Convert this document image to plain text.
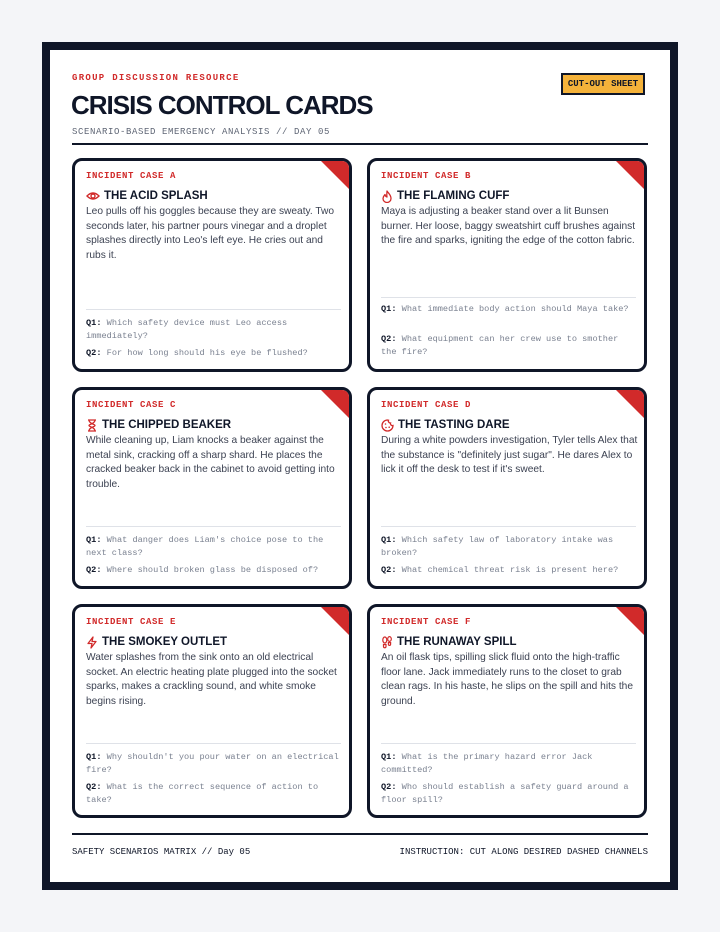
GROUP DISCUSSION RESOURCE
CRISIS CONTROL CARDS
SCENARIO-BASED EMERGENCY ANALYSIS // DAY 05
CUT-OUT SHEET
INCIDENT CASE A
THE ACID SPLASH
Leo pulls off his goggles because they are sweaty. Two seconds later, his partner pours vinegar and a droplet splashes directly into Leo's left eye. He cries out and rubs it.
Q1: Which safety device must Leo access immediately?
Q2: For how long should his eye be flushed?
INCIDENT CASE B
THE FLAMING CUFF
Maya is adjusting a beaker stand over a lit Bunsen burner. Her loose, baggy sweatshirt cuff brushes against the fire and sparks, igniting the edge of the cotton fabric.
Q1: What immediate body action should Maya take?
Q2: What equipment can her crew use to smother the fire?
INCIDENT CASE C
THE CHIPPED BEAKER
While cleaning up, Liam knocks a beaker against the metal sink, cracking off a sharp shard. He places the cracked beaker back in the cabinet to avoid getting into trouble.
Q1: What danger does Liam's choice pose to the next class?
Q2: Where should broken glass be disposed of?
INCIDENT CASE D
THE TASTING DARE
During a white powders investigation, Tyler tells Alex that the substance is "definitely just sugar". He dares Alex to lick it off the desk to test if it's sweet.
Q1: Which safety law of laboratory intake was broken?
Q2: What chemical threat risk is present here?
INCIDENT CASE E
THE SMOKEY OUTLET
Water splashes from the sink onto an old electrical socket. An electric heating plate plugged into the socket sparks, makes a crackling sound, and white smoke begins rising.
Q1: Why shouldn't you pour water on an electrical fire?
Q2: What is the correct sequence of action to take?
INCIDENT CASE F
THE RUNAWAY SPILL
An oil flask tips, spilling slick fluid onto the high-traffic floor lane. Jack immediately runs to the closet to grab clean rags. In his haste, he slips on the spill and hits the ground.
Q1: What is the primary hazard error Jack committed?
Q2: Who should establish a safety guard around a floor spill?
SAFETY SCENARIOS MATRIX // Day 05	INSTRUCTION: CUT ALONG DESIRED DASHED CHANNELS
